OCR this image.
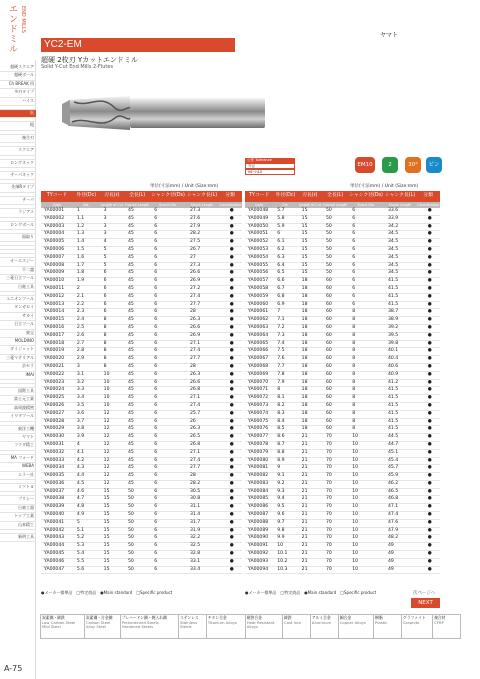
エンドミル END MILLS
超硬スクエア
超硬ボール
Ch BREAK 用
多刃タイプ
ハイス
汎
粗
複合刃
スクエア
ロングネック
テーパネック
先端Rタイプ
テーパ
ラジアス
ロングボール
面取り
オーエスジー
不二越
三菱日立ツール
日進工具
ユニオンツール
タンガロイ
サカイ
日立ツール
東宝
MOLDINO
ダイジェット
三菱マテリアル
京セラ
IMAI
国際工具
富士元工業
高周波精密
イワタツール
東洋工機
ヤマト
フクダ精工
MA フォード
WEBA
エラー社
ミツトヨ
プリシー
日東工器
トップ工業
山本精工
新明工具
A-75
ヤマト
YC2-EM
超硬 2枚刃 Yカットエンドミル
Solid Y-Cut End Mills 2-Flutes
公差 Tolerance
外径
h8~h10
EM10	2	30°	ピン角
単位(寸法mm) / Unit (Size:mm)	単位(寸法mm) / Unit (Size:mm)
TYコード	外径(Dc)	刃長(ℓ)	全長(L)	シャンク径(Ds)	シャンク長(L)	分類
Code	Dia.	Length of Cut	Overall Length	Shank Dia.	Shank Length	Classification
YA00001	1	3	45	6	27.3	●
YA00002	1.1	3	45	6	27.6	●
YA00003	1.2	3	45	6	27.9	●
YA00004	1.3	3	45	6	28.2	●
YA00005	1.4	4	45	6	27.5	●
YA00006	1.5	5	45	6	26.7	●
YA00007	1.6	5	45	6	27	●
YA00008	1.7	5	45	6	27.3	●
YA00009	1.8	6	45	6	26.6	●
YA00010	1.9	6	45	6	26.9	●
YA00011	2	6	45	6	27.2	●
YA00012	2.1	6	45	6	27.4	●
YA00013	2.2	6	45	6	27.7	●
YA00014	2.3	6	45	6	28	●
YA00015	2.4	8	45	6	26.3	●
YA00016	2.5	8	45	6	26.6	●
YA00017	2.6	8	45	6	26.9	●
YA00018	2.7	8	45	6	27.1	●
YA00019	2.8	8	45	6	27.4	●
YA00020	2.9	8	45	6	27.7	●
YA00021	3	8	45	6	28	●
YA00022	3.1	10	45	6	26.3	●
YA00023	3.2	10	45	6	26.6	●
YA00024	3.3	10	45	6	26.8	●
YA00025	3.4	10	45	6	27.1	●
YA00026	3.5	10	45	6	27.4	●
YA00027	3.6	12	45	6	25.7	●
YA00028	3.7	12	45	6	26	●
YA00029	3.8	12	45	6	26.3	●
YA00030	3.9	12	45	6	26.5	●
YA00031	4	12	45	6	26.8	●
YA00032	4.1	12	45	6	27.1	●
YA00033	4.2	12	45	6	27.4	●
YA00034	4.3	12	45	6	27.7	●
YA00035	4.4	12	45	6	28	●
YA00036	4.5	12	45	6	28.2	●
YA00037	4.6	15	50	6	30.5	●
YA00038	4.7	15	50	6	30.8	●
YA00039	4.8	15	50	6	31.1	●
YA00040	4.9	15	50	6	31.4	●
YA00041	5	15	50	6	31.7	●
YA00042	5.1	15	50	6	31.9	●
YA00043	5.2	15	50	6	32.2	●
YA00044	5.3	15	50	6	32.5	●
YA00045	5.4	15	50	6	32.8	●
YA00046	5.5	15	50	6	33.1	●
YA00047	5.6	15	50	6	33.4	●
TYコード	外径(Dc)	刃長(ℓ)	全長(L)	シャンク径(Ds)	シャンク長(L)	分類
Code	Dia.	Length of Cut	Overall Length	Shank Dia.	Shank Length	Classification
YA00048	5.7	15	50	6	33.6	●
YA00049	5.8	15	50	6	33.9	●
YA00050	5.9	15	50	6	34.2	●
YA00051	6	15	50	6	34.5	●
YA00052	6.1	15	50	6	34.5	●
YA00053	6.2	15	50	6	34.5	●
YA00054	6.3	15	50	6	34.5	●
YA00055	6.4	15	50	6	34.5	●
YA00056	6.5	15	50	6	34.5	●
YA00057	6.6	18	60	6	41.5	●
YA00058	6.7	18	60	6	41.5	●
YA00059	6.8	18	60	6	41.5	●
YA00060	6.9	18	60	6	41.5	●
YA00061	7	18	60	8	38.7	●
YA00062	7.1	18	60	8	38.9	●
YA00063	7.2	18	60	8	39.2	●
YA00064	7.3	18	60	8	39.5	●
YA00065	7.4	18	60	8	39.8	●
YA00066	7.5	18	60	8	40.1	●
YA00067	7.6	18	60	8	40.4	●
YA00068	7.7	18	60	8	40.6	●
YA00069	7.8	18	60	8	40.9	●
YA00070	7.9	18	60	8	41.2	●
YA00071	8	18	60	8	41.5	●
YA00072	8.1	18	60	8	41.5	●
YA00073	8.2	18	60	8	41.5	●
YA00074	8.3	18	60	8	41.5	●
YA00075	8.4	18	60	8	41.5	●
YA00076	8.5	18	60	8	41.5	●
YA00077	8.6	21	70	10	44.5	●
YA00078	8.7	21	70	10	44.7	●
YA00079	8.8	21	70	10	45.1	●
YA00080	8.9	21	70	10	45.4	●
YA00081	9	21	70	10	45.7	●
YA00082	9.1	21	70	10	45.9	●
YA00083	9.2	21	70	10	46.2	●
YA00084	9.3	21	70	10	46.5	●
YA00085	9.4	21	70	10	46.8	●
YA00086	9.5	21	70	10	47.1	●
YA00087	9.6	21	70	10	47.4	●
YA00088	9.7	21	70	10	47.6	●
YA00089	9.8	21	70	10	47.9	●
YA00090	9.9	21	70	10	48.2	●
YA00091	10	21	70	10	49	●
YA00092	10.1	21	70	10	49	●
YA00093	10.2	21	70	10	49	●
YA00094	10.3	21	70	10	49	●
●メーカー標準品　□特定商品　●Main standard　□Specific product	●メーカー標準品　□特定商品　●Main standard　□Specific product	次ページへ
NEXT
炭素鋼・鋳鉄
Low Carbon Steel
Mild Steel

炭素鋼・合金鋼
Carbon Steel
Alloy Steel

プレハードン鋼・焼入れ鋼
Prehardened Steels
Hardened Steels

ステンレス
Stainless
Steels

チタン合金
Titanium Alloys

耐熱合金
Heat Resistant
Alloys

鋳鉄
Cast Iron

アルミ合金
Aluminum

銅合金
Copper Alloys

樹脂
Plastic

グラファイト
Graphite

複合材
CFRP
